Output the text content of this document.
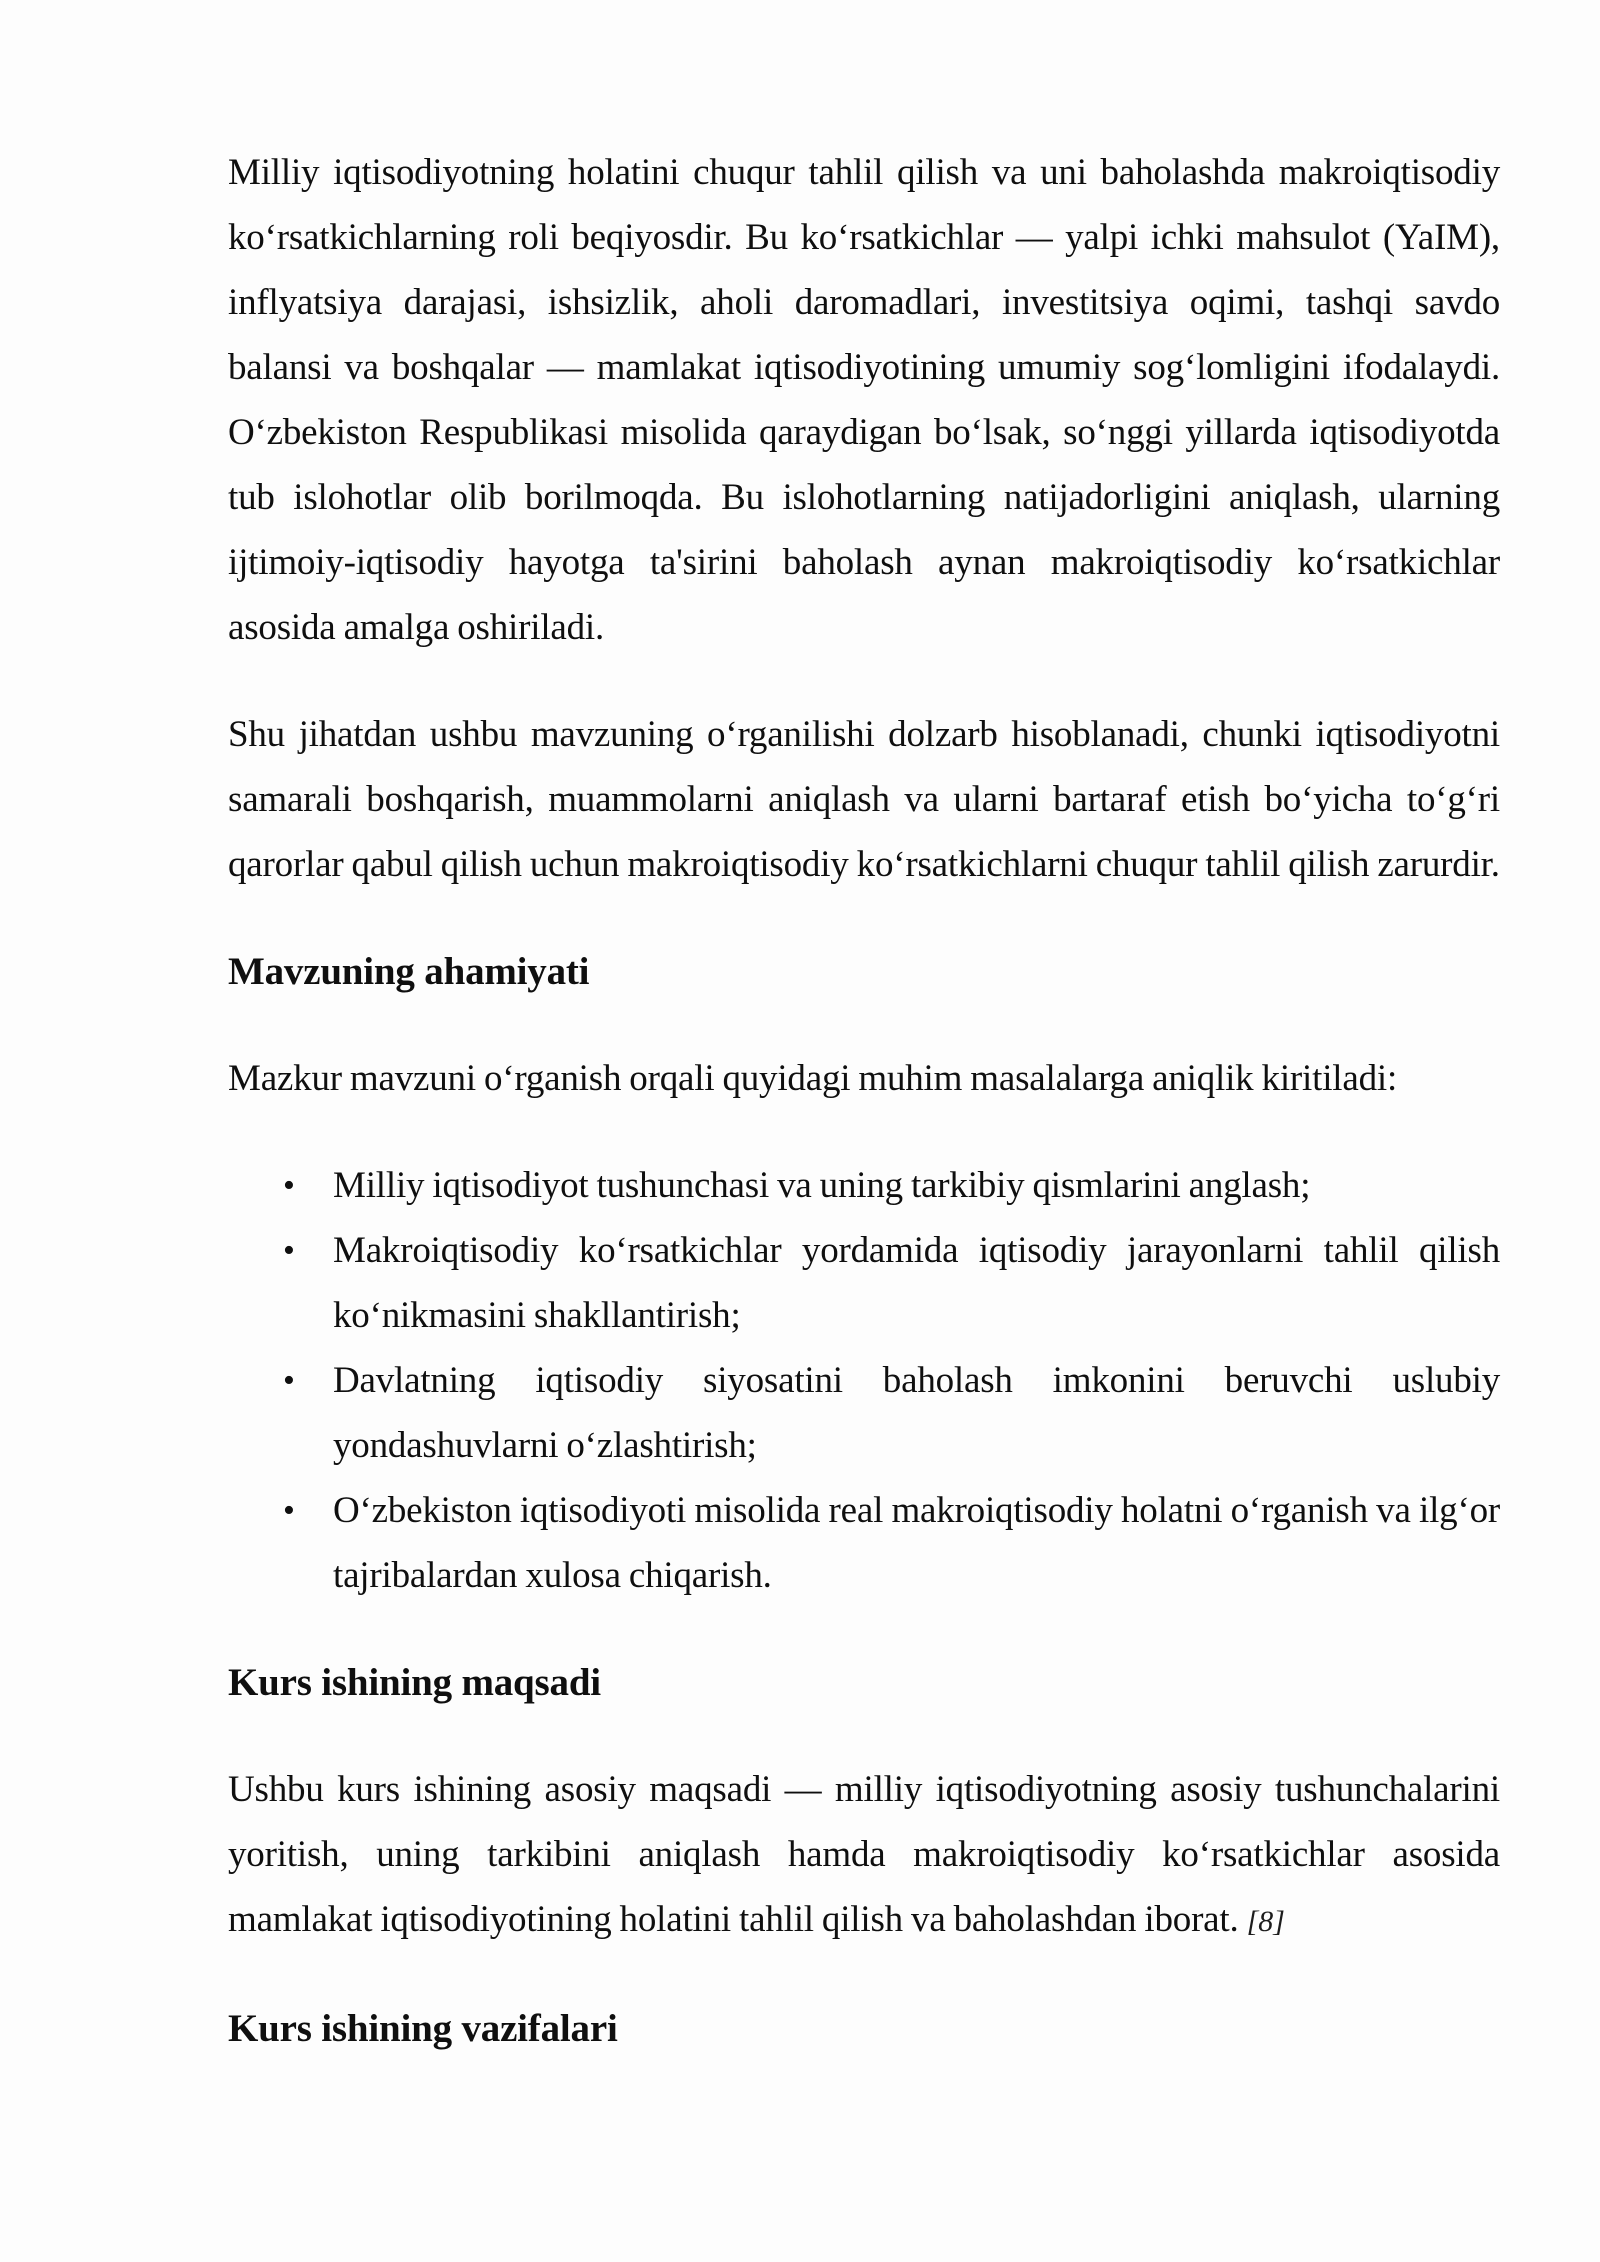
Milliy iqtisodiyotning holatini chuqur tahlil qilish va uni baholashda makroiqtisodiy ko‘rsatkichlarning roli beqiyosdir. Bu ko‘rsatkichlar — yalpi ichki mahsulot (YaIM), inflyatsiya darajasi, ishsizlik, aholi daromadlari, investitsiya oqimi, tashqi savdo balansi va boshqalar — mamlakat iqtisodiyotining umumiy sog‘lomligini ifodalaydi. O‘zbekiston Respublikasi misolida qaraydigan bo‘lsak, so‘nggi yillarda iqtisodiyotda tub islohotlar olib borilmoqda. Bu islohotlarning natijadorligini aniqlash, ularning ijtimoiy-iqtisodiy hayotga ta'sirini baholash aynan makroiqtisodiy ko‘rsatkichlar asosida amalga oshiriladi.

Shu jihatdan ushbu mavzuning o‘rganilishi dolzarb hisoblanadi, chunki iqtisodiyotni samarali boshqarish, muammolarni aniqlash va ularni bartaraf etish bo‘yicha to‘g‘ri qarorlar qabul qilish uchun makroiqtisodiy ko‘rsatkichlarni chuqur tahlil qilish zarurdir.

Mavzuning ahamiyati

Mazkur mavzuni o‘rganish orqali quyidagi muhim masalalarga aniqlik kiritiladi:

• Milliy iqtisodiyot tushunchasi va uning tarkibiy qismlarini anglash;
• Makroiqtisodiy ko‘rsatkichlar yordamida iqtisodiy jarayonlarni tahlil qilish ko‘nikmasini shakllantirish;
• Davlatning iqtisodiy siyosatini baholash imkonini beruvchi uslubiy yondashuvlarni o‘zlashtirish;
• O‘zbekiston iqtisodiyoti misolida real makroiqtisodiy holatni o‘rganish va ilg‘or tajribalardan xulosa chiqarish.
Kurs ishining maqsadi

Ushbu kurs ishining asosiy maqsadi — milliy iqtisodiyotning asosiy tushunchalarini yoritish, uning tarkibini aniqlash hamda makroiqtisodiy ko‘rsatkichlar asosida mamlakat iqtisodiyotining holatini tahlil qilish va baholashdan iborat. [8]

Kurs ishining vazifalari
